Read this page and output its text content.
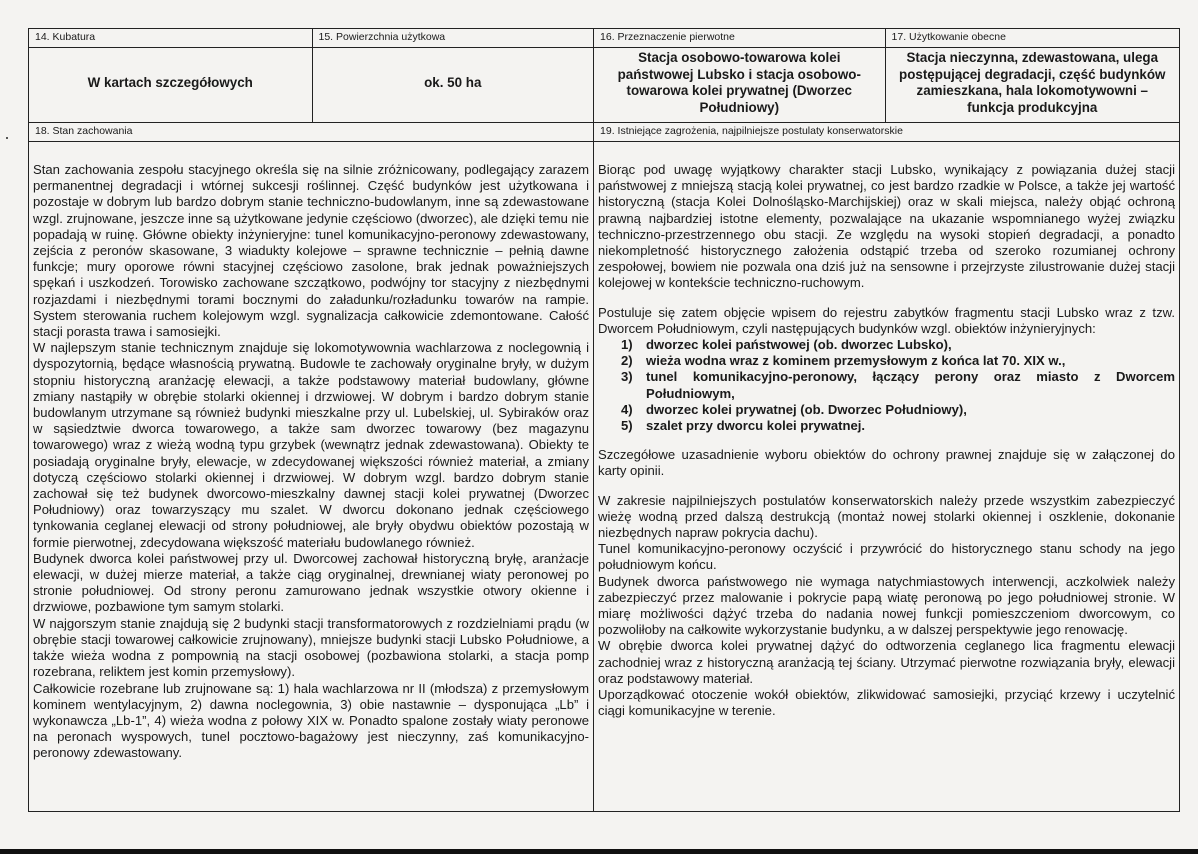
14. Kubatura
W kartach szczegółowych
15. Powierzchnia użytkowa
ok. 50 ha
16. Przeznaczenie pierwotne
Stacja osobowo-towarowa kolei państwowej Lubsko i stacja osobowo-towarowa kolei prywatnej (Dworzec Południowy)
17. Użytkowanie obecne
Stacja nieczynna, zdewastowana, ulega postępującej degradacji, część budynków zamieszkana, hala lokomotywowni – funkcja produkcyjna
18. Stan zachowania

Stan zachowania zespołu stacyjnego określa się na silnie zróżnicowany, podlegający zarazem permanentnej degradacji i wtórnej sukcesji roślinnej. Część budynków jest użytkowana i pozostaje w dobrym lub bardzo dobrym stanie techniczno-budowlanym, inne są zdewastowane wzgl. zrujnowane, jeszcze inne są użytkowane jedynie częściowo (dworzec), ale dzięki temu nie popadają w ruinę. Główne obiekty inżynieryjne: tunel komunikacyjno-peronowy zdewastowany, zejścia z peronów skasowane, 3 wiadukty kolejowe – sprawne technicznie – pełnią dawne funkcje; mury oporowe równi stacyjnej częściowo zasolone, brak jednak poważniejszych spękań i uszkodzeń. Torowisko zachowane szczątkowo, podwójny tor stacyjny z niezbędnymi rozjazdami i niezbędnymi torami bocznymi do załadunku/rozładunku towarów na rampie. System sterowania ruchem kolejowym wzgl. sygnalizacja całkowicie zdemontowane. Całość stacji porasta trawa i samosiejki.

W najlepszym stanie technicznym znajduje się lokomotywownia wachlarzowa z noclegownią i dyspozytornią, będące własnością prywatną. Budowle te zachowały oryginalne bryły, w dużym stopniu historyczną aranżację elewacji, a także podstawowy materiał budowlany, główne zmiany nastąpiły w obrębie stolarki okiennej i drzwiowej. W dobrym i bardzo dobrym stanie budowlanym utrzymane są również budynki mieszkalne przy ul. Lubelskiej, ul. Sybiraków oraz w sąsiedztwie dworca towarowego, a także sam dworzec towarowy (bez magazynu towarowego) wraz z wieżą wodną typu grzybek (wewnątrz jednak zdewastowana). Obiekty te posiadają oryginalne bryły, elewacje, w zdecydowanej większości również materiał, a zmiany dotyczą częściowo stolarki okiennej i drzwiowej. W dobrym wzgl. bardzo dobrym stanie zachował się też budynek dworcowo-mieszkalny dawnej stacji kolei prywatnej (Dworzec Południowy) oraz towarzyszący mu szalet. W dworcu dokonano jednak częściowego tynkowania ceglanej elewacji od strony południowej, ale bryły obydwu obiektów pozostają w formie pierwotnej, zdecydowana większość materiału budowlanego również.

Budynek dworca kolei państwowej przy ul. Dworcowej zachował historyczną bryłę, aranżacje elewacji, w dużej mierze materiał, a także ciąg oryginalnej, drewnianej wiaty peronowej po stronie południowej. Od strony peronu zamurowano jednak wszystkie otwory okienne i drzwiowe, pozbawione tym samym stolarki.

W najgorszym stanie znajdują się 2 budynki stacji transformatorowych z rozdzielniami prądu (w obrębie stacji towarowej całkowicie zrujnowany), mniejsze budynki stacji Lubsko Południowe, a także wieża wodna z pompownią na stacji osobowej (pozbawiona stolarki, a stacja pomp rozebrana, reliktem jest komin przemysłowy).

Całkowicie rozebrane lub zrujnowane są: 1) hala wachlarzowa nr II (młodsza) z przemysłowym kominem wentylacyjnym, 2) dawna noclegownia, 3) obie nastawnie – dysponująca „Lb” i wykonawcza „Lb-1”, 4) wieża wodna z połowy XIX w. Ponadto spalone zostały wiaty peronowe na peronach wyspowych, tunel pocztowo-bagażowy jest nieczynny, zaś komunikacyjno-peronowy zdewastowany.

19. Istniejące zagrożenia, najpilniejsze postulaty konserwatorskie

Biorąc pod uwagę wyjątkowy charakter stacji Lubsko, wynikający z powiązania dużej stacji państwowej z mniejszą stacją kolei prywatnej, co jest bardzo rzadkie w Polsce, a także jej wartość historyczną (stacja Kolei Dolnośląsko-Marchijskiej) oraz w skali miejsca, należy objąć ochroną prawną najbardziej istotne elementy, pozwalające na ukazanie wspomnianego wyżej związku techniczno-przestrzennego obu stacji. Ze względu na wysoki stopień degradacji, a ponadto niekompletność historycznego założenia odstąpić trzeba od szeroko rozumianej ochrony zespołowej, bowiem nie pozwala ona dziś już na sensowne i przejrzyste zilustrowanie dużej stacji kolejowej w kontekście techniczno-ruchowym.

Postuluje się zatem objęcie wpisem do rejestru zabytków fragmentu stacji Lubsko wraz z tzw. Dworcem Południowym, czyli następujących budynków wzgl. obiektów inżynieryjnych:

1)	dworzec kolei państwowej (ob. dworzec Lubsko),
2)	wieża wodna wraz z kominem przemysłowym z końca lat 70. XIX w.,
3)	tunel komunikacyjno-peronowy, łączący perony oraz miasto z Dworcem Południowym,
4)	dworzec kolei prywatnej (ob. Dworzec Południowy),
5)	szalet przy dworcu kolei prywatnej.

Szczegółowe uzasadnienie wyboru obiektów do ochrony prawnej znajduje się w załączonej do karty opinii.

W zakresie najpilniejszych postulatów konserwatorskich należy przede wszystkim zabezpieczyć wieżę wodną przed dalszą destrukcją (montaż nowej stolarki okiennej i oszklenie, dokonanie niezbędnych napraw pokrycia dachu).

Tunel komunikacyjno-peronowy oczyścić i przywrócić do historycznego stanu schody na jego południowym końcu.

Budynek dworca państwowego nie wymaga natychmiastowych interwencji, aczkolwiek należy zabezpieczyć przez malowanie i pokrycie papą wiatę peronową po jego południowej stronie. W miarę możliwości dążyć trzeba do nadania nowej funkcji pomieszczeniom dworcowym, co pozwoliłoby na całkowite wykorzystanie budynku, a w dalszej perspektywie jego renowację.

W obrębie dworca kolei prywatnej dążyć do odtworzenia ceglanego lica fragmentu elewacji zachodniej wraz z historyczną aranżacją tej ściany. Utrzymać pierwotne rozwiązania bryły, elewacji oraz podstawowy materiał.

Uporządkować otoczenie wokół obiektów, zlikwidować samosiejki, przyciąć krzewy i uczytelnić ciągi komunikacyjne w terenie.
